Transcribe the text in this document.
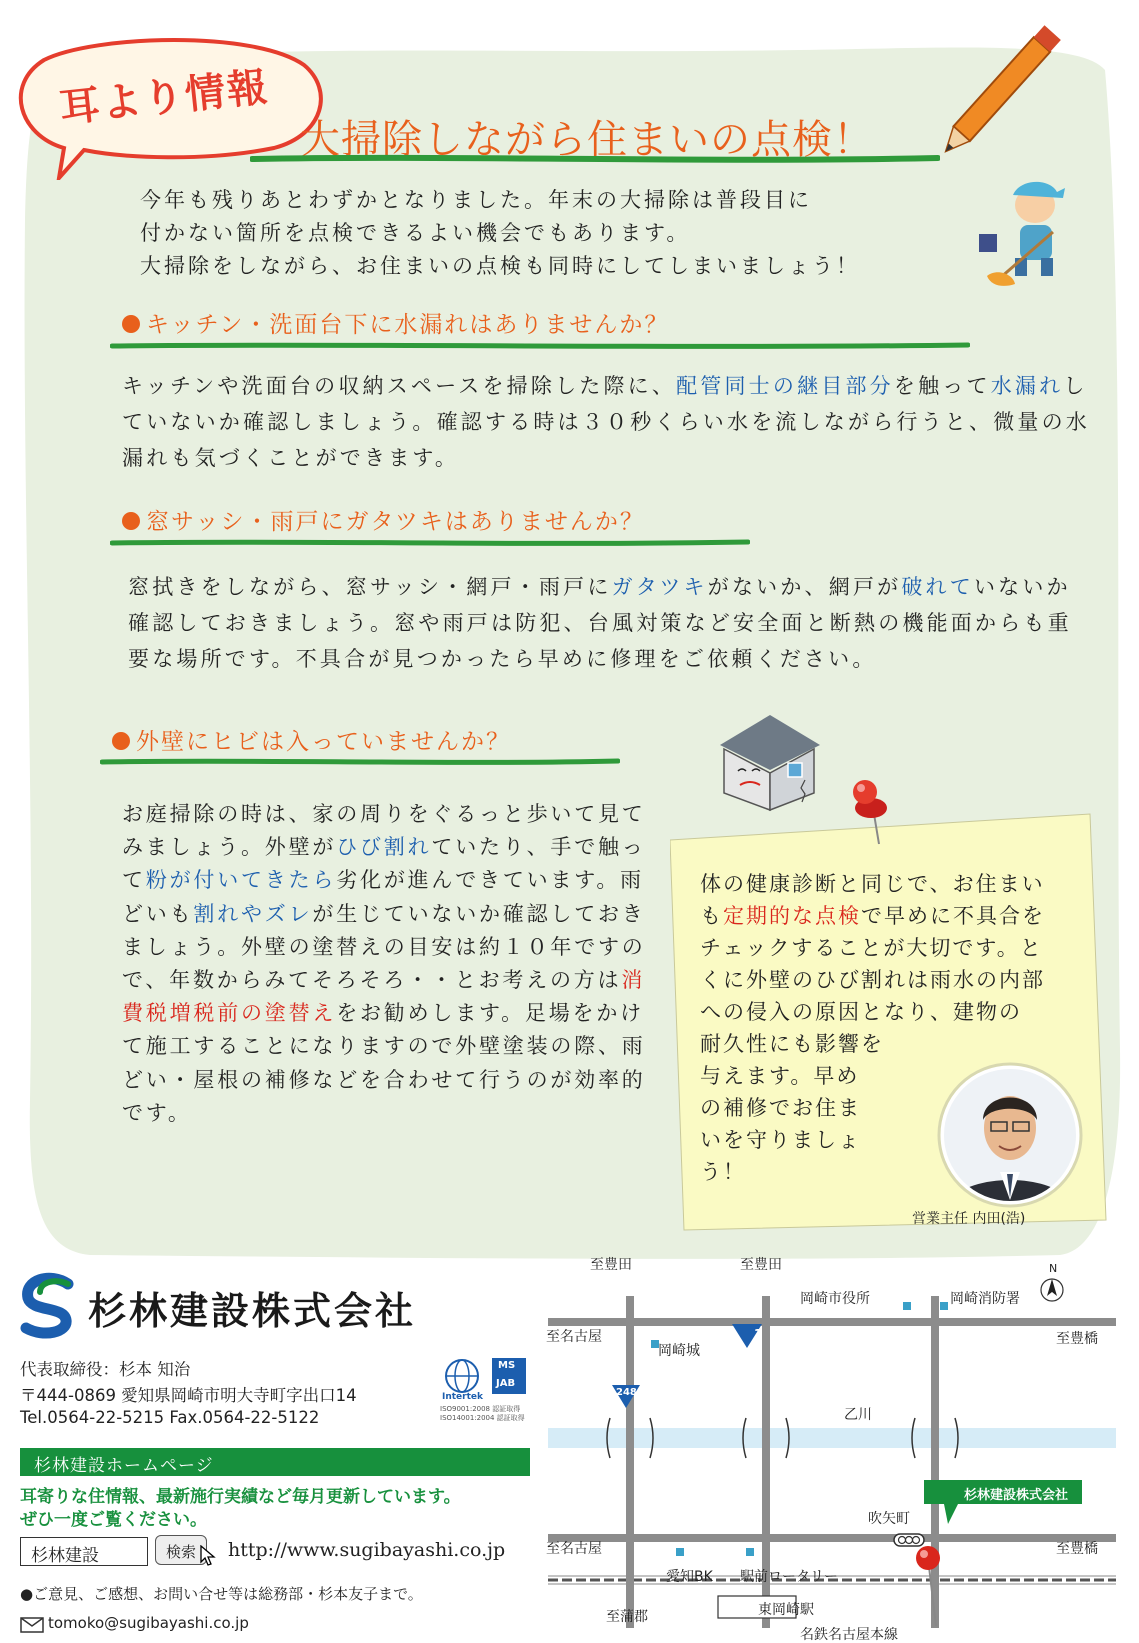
耳より情報
大掃除しながら住まいの点検！
今年も残りあとわずかとなりました。年末の大掃除は普段目に
付かない箇所を点検できるよい機会でもあります。
大掃除をしながら、お住まいの点検も同時にしてしまいましょう！
キッチン・洗面台下に水漏れはありませんか？
キッチンや洗面台の収納スペースを掃除した際に、配管同士の継目部分を触って水漏れしていないか確認しましょう。確認する時は３０秒くらい水を流しながら行うと、微量の水漏れも気づくことができます。
窓サッシ・雨戸にガタツキはありませんか？
窓拭きをしながら、窓サッシ・網戸・雨戸にガタツキがないか、網戸が破れていないか確認しておきましょう。窓や雨戸は防犯、台風対策など安全面と断熱の機能面からも重要な場所です。不具合が見つかったら早めに修理をご依頼ください。
外壁にヒビは入っていませんか？
お庭掃除の時は、家の周りをぐるっと歩いて見てみましょう。外壁がひび割れていたり、手で触って粉が付いてきたら劣化が進んできています。雨どいも割れやズレが生じていないか確認しておきましょう。外壁の塗替えの目安は約１０年ですので、年数からみてそろそろ・・とお考えの方は消費税増税前の塗替えをお勧めします。足場をかけて施工することになりますので外壁塗装の際、雨どい・屋根の補修などを合わせて行うのが効率的です。
体の健康診断と同じで、お住まいも定期的な点検で早めに不具合をチェックすることが大切です。とくに外壁のひび割れは雨水の内部への侵入の原因となり、建物の
耐久性にも影響を
与えます。早め
の補修でお住ま
いを守りましょ
う！
営業主任 内田(浩)
杉林建設株式会社
代表取締役：杉本 知治
〒444-0869 愛知県岡崎市明大寺町字出口14
Tel.0564-22-5215 Fax.0564-22-5122
Intertek
MS
JAB
ISO9001:2008 認証取得
ISO14001:2004 認証取得
杉林建設ホームページ
耳寄りな住情報、最新施行実績など毎月更新しています。
ぜひ一度ご覧ください。
杉林建設	検索	http://www.sugibayashi.co.jp
●ご意見、ご感想、お問い合せ等は総務部・杉本友子まで。
tomoko@sugibayashi.co.jp
至豊田	至豊田
至名古屋
至名古屋
至豊橋
至豊橋
至蒲郡
岡崎市役所	岡崎消防署
岡崎城
乙川
吹矢町
1
248
愛知BK 駅前ロータリー
東岡崎駅
名鉄名古屋本線
杉林建設株式会社
N
